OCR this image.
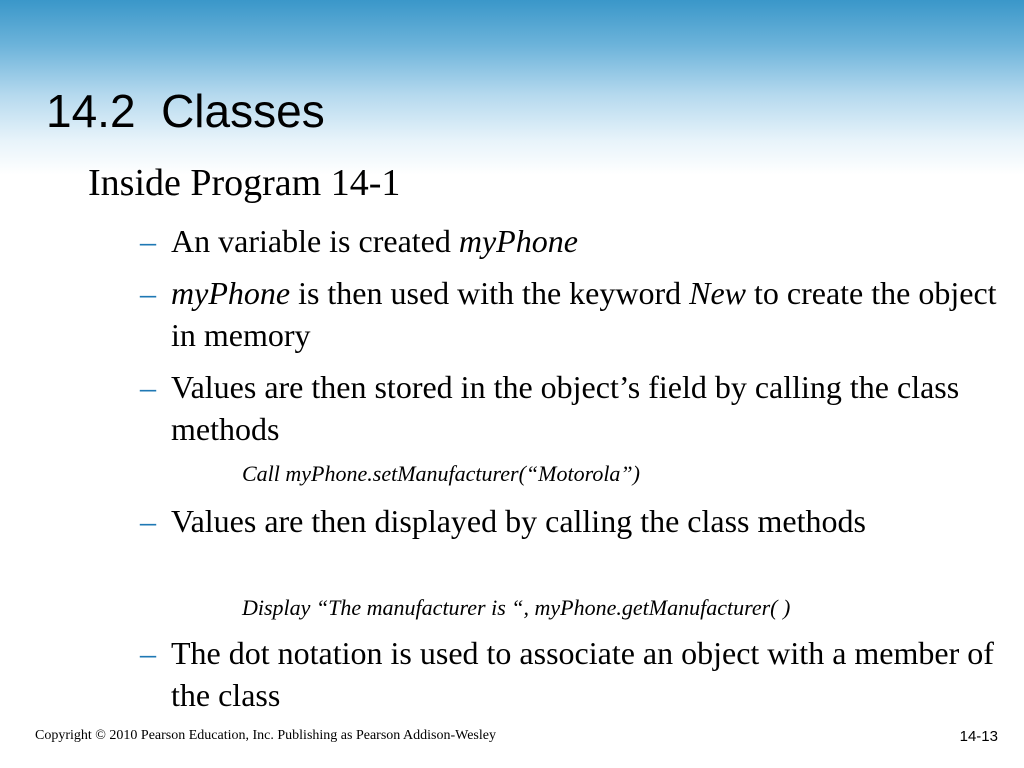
14.2  Classes
Inside Program 14-1
– An variable is created myPhone
– myPhone is then used with the keyword New to create the object in memory
– Values are then stored in the object’s field by calling the class methods
Call myPhone.setManufacturer(“Motorola”)
– Values are then displayed by calling the class methods
Display “The manufacturer is “, myPhone.getManufacturer( )
– The dot notation is used to associate an object with a member of the class
Copyright © 2010 Pearson Education, Inc. Publishing as Pearson Addison-Wesley	14-13
